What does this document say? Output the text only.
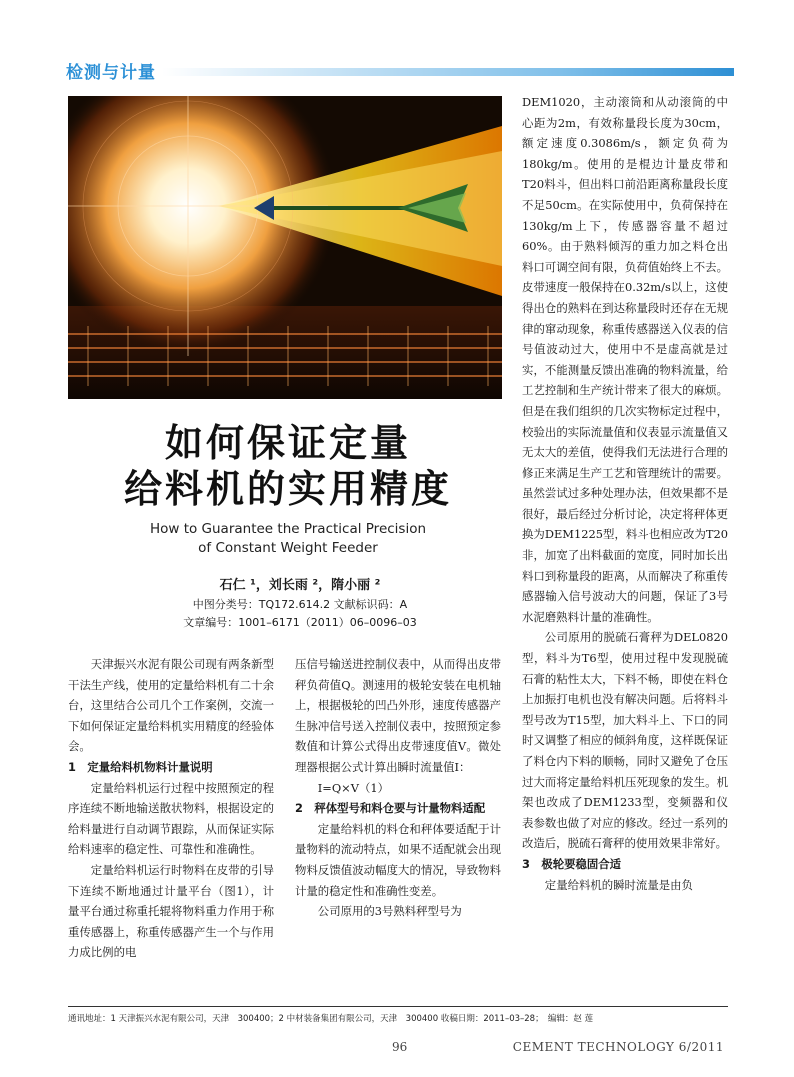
检测与计量
如何保证定量
给料机的实用精度
How to Guarantee the Practical Precision
of Constant Weight Feeder
石仁 ¹，刘长雨 ²，隋小丽 ²
中图分类号：TQ172.614.2 文献标识码：A
文章编号：1001–6171（2011）06–0096–03

天津振兴水泥有限公司现有两条新型干法生产线，使用的定量给料机有二十余台，这里结合公司几个工作案例，交流一下如何保证定量给料机实用精度的经验体会。

1　定量给料机物料计量说明

定量给料机运行过程中按照预定的程序连续不断地输送散状物料，根据设定的给料量进行自动调节跟踪，从而保证实际给料速率的稳定性、可靠性和准确性。

定量给料机运行时物料在皮带的引导下连续不断地通过计量平台（图1），计量平台通过称重托辊将物料重力作用于称重传感器上，称重传感器产生一个与作用力成比例的电

压信号输送进控制仪表中，从而得出皮带秤负荷值Q。测速用的极轮安装在电机轴上，根据极轮的凹凸外形，速度传感器产生脉冲信号送入控制仪表中，按照预定参数值和计算公式得出皮带速度值V。微处理器根据公式计算出瞬时流量值I：

I=Q×V（1）

2　秤体型号和料仓要与计量物料适配

定量给料机的料仓和秤体要适配于计量物料的流动特点，如果不适配就会出现物料反馈值波动幅度大的情况，导致物料计量的稳定性和准确性变差。

公司原用的3号熟料秤型号为

DEM1020，主动滚筒和从动滚筒的中心距为2m，有效称量段长度为30cm，额定速度0.3086m/s，额定负荷为180kg/m。使用的是棍边计量皮带和T20料斗，但出料口前沿距离称量段长度不足50cm。在实际使用中，负荷保持在130kg/m上下，传感器容量不超过60%。由于熟料倾泻的重力加之料仓出料口可调空间有限，负荷值始终上不去。皮带速度一般保持在0.32m/s以上，这使得出仓的熟料在到达称量段时还存在无规律的窜动现象，称重传感器送入仪表的信号值波动过大，使用中不是虚高就是过实，不能测量反馈出准确的物料流量，给工艺控制和生产统计带来了很大的麻烦。但是在我们组织的几次实物标定过程中，校验出的实际流量值和仪表显示流量值又无太大的差值，使得我们无法进行合理的修正来满足生产工艺和管理统计的需要。虽然尝试过多种处理办法，但效果都不是很好，最后经过分析讨论，决定将秤体更换为DEM1225型，料斗也相应改为T20非，加宽了出料截面的宽度，同时加长出料口到称量段的距离，从而解决了称重传感器输入信号波动大的问题，保证了3号水泥磨熟料计量的准确性。

公司原用的脱硫石膏秤为DEL0820型，料斗为T6型，使用过程中发现脱硫石膏的粘性太大，下料不畅，即使在料仓上加振打电机也没有解决问题。后将料斗型号改为T15型，加大料斗上、下口的同时又调整了相应的倾斜角度，这样既保证了料仓内下料的顺畅，同时又避免了仓压过大而将定量给料机压死现象的发生。机架也改成了DEM1233型，变频器和仪表参数也做了对应的修改。经过一系列的改造后，脱硫石膏秤的使用效果非常好。

3　极轮要稳固合适

定量给料机的瞬时流量是由负

通讯地址：1 天津振兴水泥有限公司，天津　300400；2 中材装备集团有限公司，天津　300400 收稿日期：2011–03–28；　编辑：赵 莲
96	CEMENT TECHNOLOGY 6/2011
